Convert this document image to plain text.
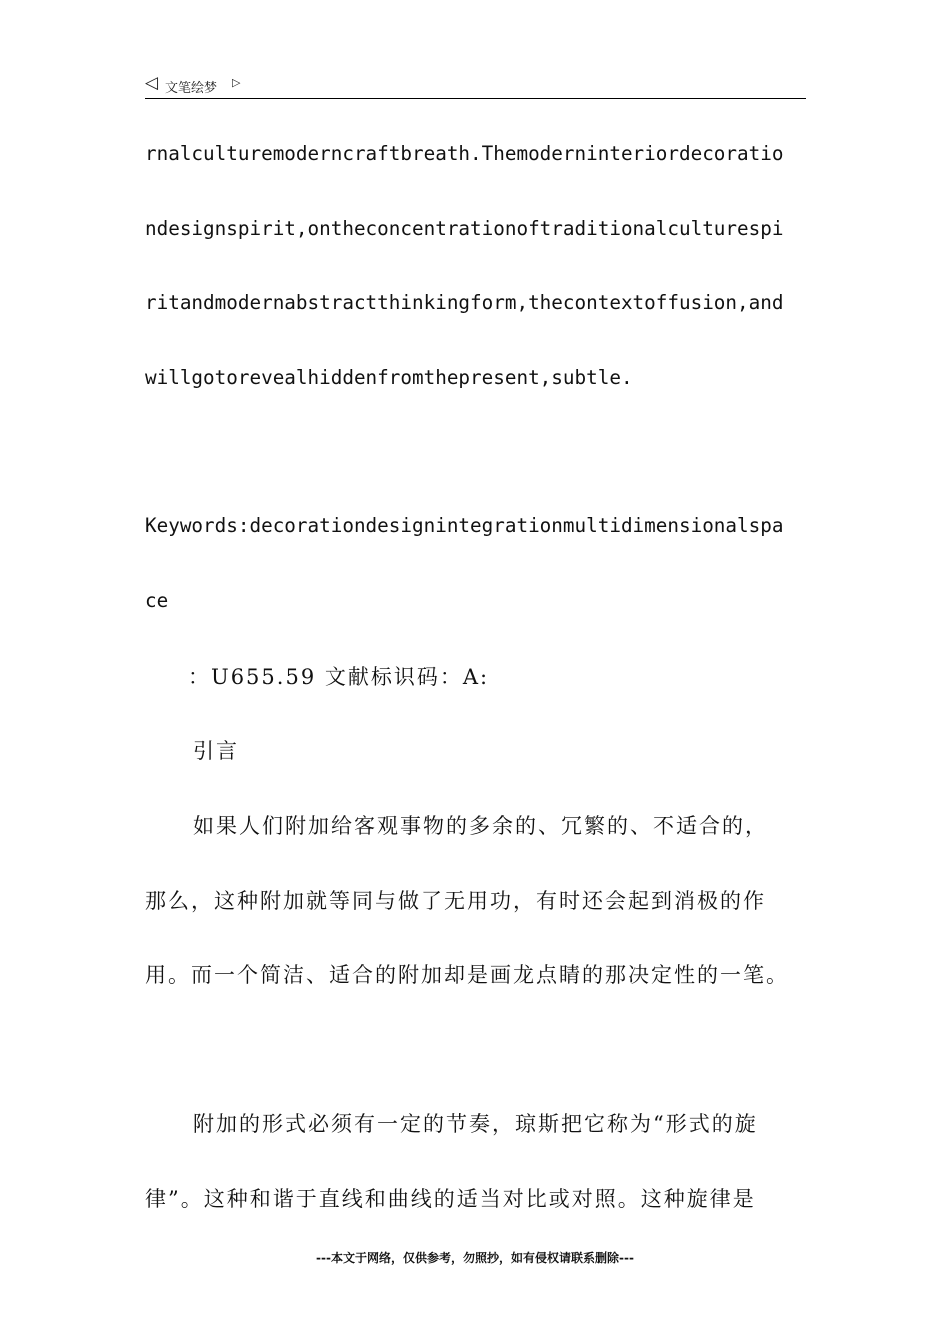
◁ 文笔绘梦 ▷
rnalculturemoderncraftbreath.Themoderninteriordecoratio
ndesignspirit,ontheconcentrationoftraditionalculturespi
ritandmodernabstractthinkingform,thecontextoffusion,and
willgotorevealhiddenfromthepresent,subtle.
Keywords:decorationdesignintegrationmultidimensionalspa
ce
：U655.59 文献标识码：A:
引言
如果人们附加给客观事物的多余的、冗繁的、不适合的，
那么，这种附加就等同与做了无用功，有时还会起到消极的作
用。而一个简洁、适合的附加却是画龙点睛的那决定性的一笔。
附加的形式必须有一定的节奏，琼斯把它称为“形式的旋
律”。这种和谐于直线和曲线的适当对比或对照。这种旋律是
---本文于网络，仅供参考，勿照抄，如有侵权请联系删除---
